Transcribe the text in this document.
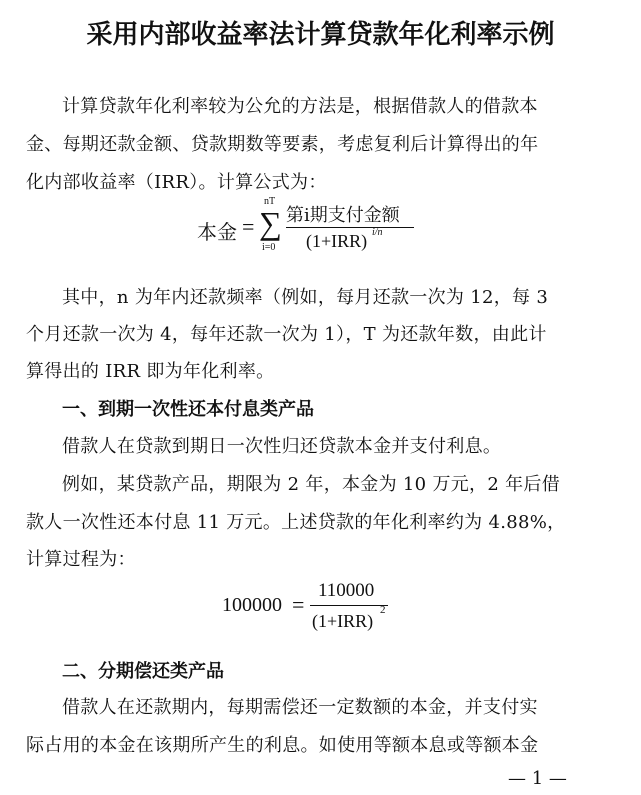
采用内部收益率法计算贷款年化利率示例
计算贷款年化利率较为公允的方法是，根据借款人的借款本
金、每期还款金额、贷款期数等要素，考虑复利后计算得出的年
化内部收益率（IRR）。计算公式为：
本金 = ∑
nT
i=0
第i期支付金额
(1+IRR) i/n
其中，n 为年内还款频率（例如，每月还款一次为 12，每 3
个月还款一次为 4，每年还款一次为 1），T 为还款年数，由此计
算得出的 IRR 即为年化利率。
一、到期一次性还本付息类产品
借款人在贷款到期日一次性归还贷款本金并支付利息。
例如，某贷款产品，期限为 2 年，本金为 10 万元，2 年后借
款人一次性还本付息 11 万元。上述贷款的年化利率约为 4.88%，
计算过程为：
100000 =
110000
(1+IRR)
2
二、分期偿还类产品
借款人在还款期内，每期需偿还一定数额的本金，并支付实
际占用的本金在该期所产生的利息。如使用等额本息或等额本金
— 1 —
